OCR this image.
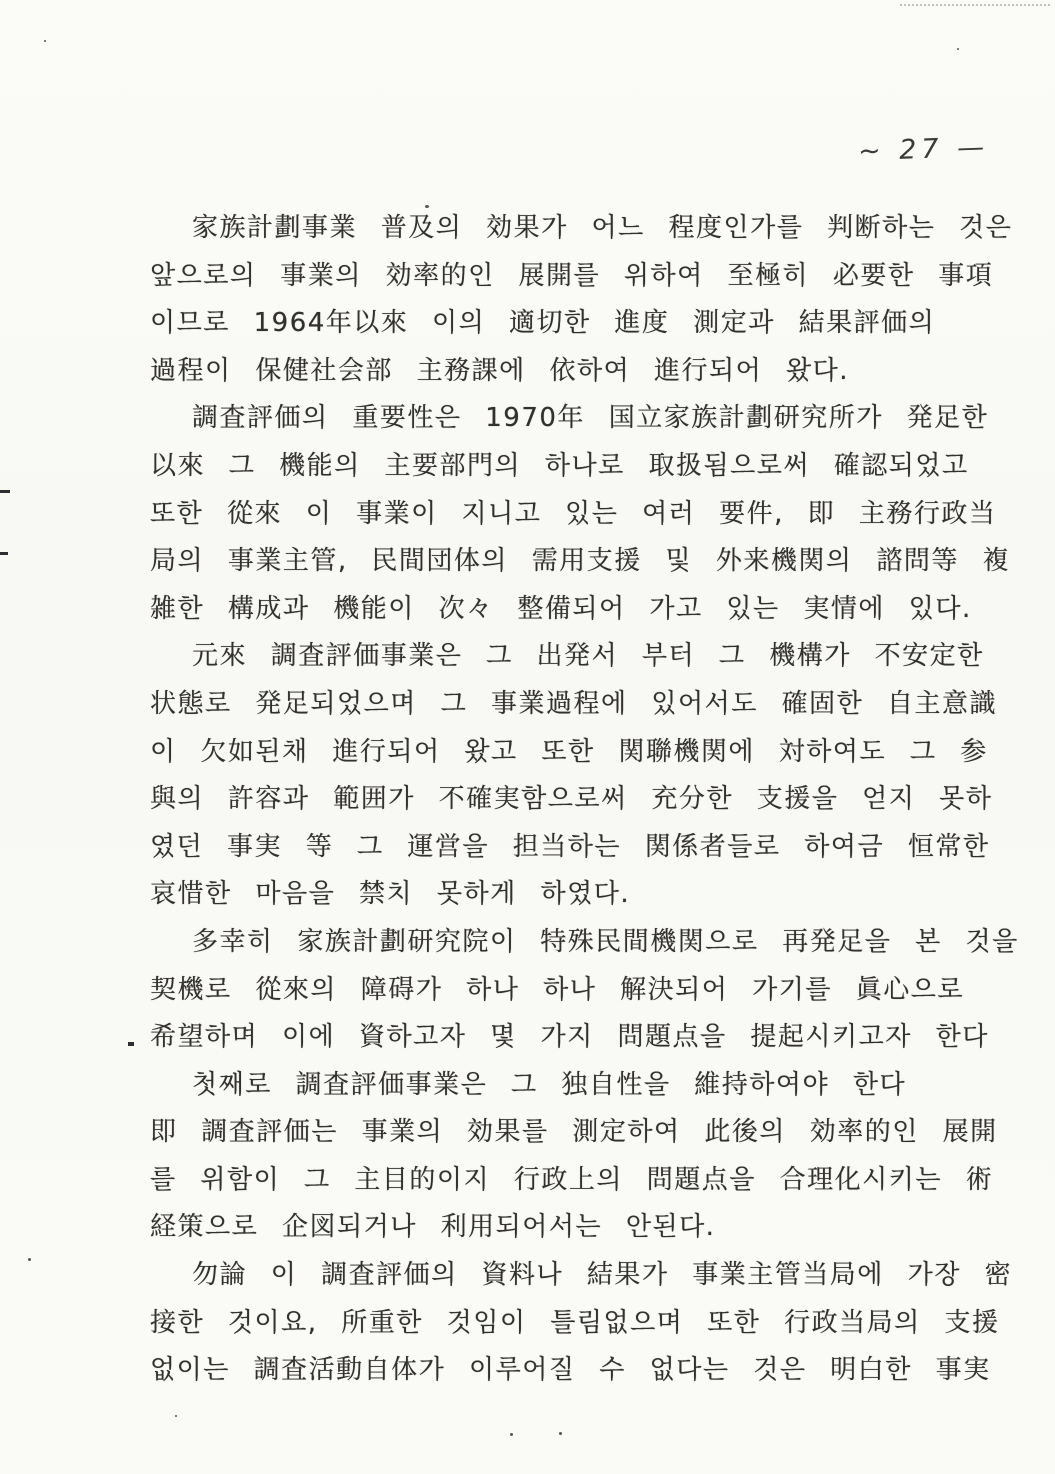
~ 27 —
家族計劃事業 普及의 効果가 어느 程度인가를 判断하는 것은
앞으로의 事業의 効率的인 展開를 위하여 至極히 必要한 事項
이므로 1964年以來 이의 適切한 進度 測定과 結果評価의
過程이 保健社会部 主務課에 依하여 進行되어 왔다.
調査評価의 重要性은 1970年 国立家族計劃研究所가 発足한
以來 그 機能의 主要部門의 하나로 取扱됨으로써 確認되었고
또한 從來 이 事業이 지니고 있는 여러 要件, 即 主務行政当
局의 事業主管, 民間団体의 需用支援 및 外来機関의 諮問等 複
雑한 構成과 機能이 次々 整備되어 가고 있는 実情에 있다.
元來 調査評価事業은 그 出発서 부터 그 機構가 不安定한
状態로 発足되었으며 그 事業過程에 있어서도 確固한 自主意識
이 欠如된채 進行되어 왔고 또한 関聯機関에 対하여도 그 参
與의 許容과 範囲가 不確実함으로써 充分한 支援을 얻지 못하
였던 事実 等 그 運営을 担当하는 関係者들로 하여금 恒常한
哀惜한 마음을 禁치 못하게 하였다.
多幸히 家族計劃研究院이 特殊民間機関으로 再発足을 본 것을
契機로 從來의 障碍가 하나 하나 解決되어 가기를 眞心으로
希望하며 이에 資하고자 몇 가지 問題点을 提起시키고자 한다
첫째로 調査評価事業은 그 独自性을 維持하여야 한다
即 調査評価는 事業의 効果를 測定하여 此後의 効率的인 展開
를 위함이 그 主目的이지 行政上의 問題点을 合理化시키는 術
経策으로 企図되거나 利用되어서는 안된다.
勿論 이 調査評価의 資料나 結果가 事業主管当局에 가장 密
接한 것이요, 所重한 것임이 틀림없으며 또한 行政当局의 支援
없이는 調査活動自体가 이루어질 수 없다는 것은 明白한 事実
